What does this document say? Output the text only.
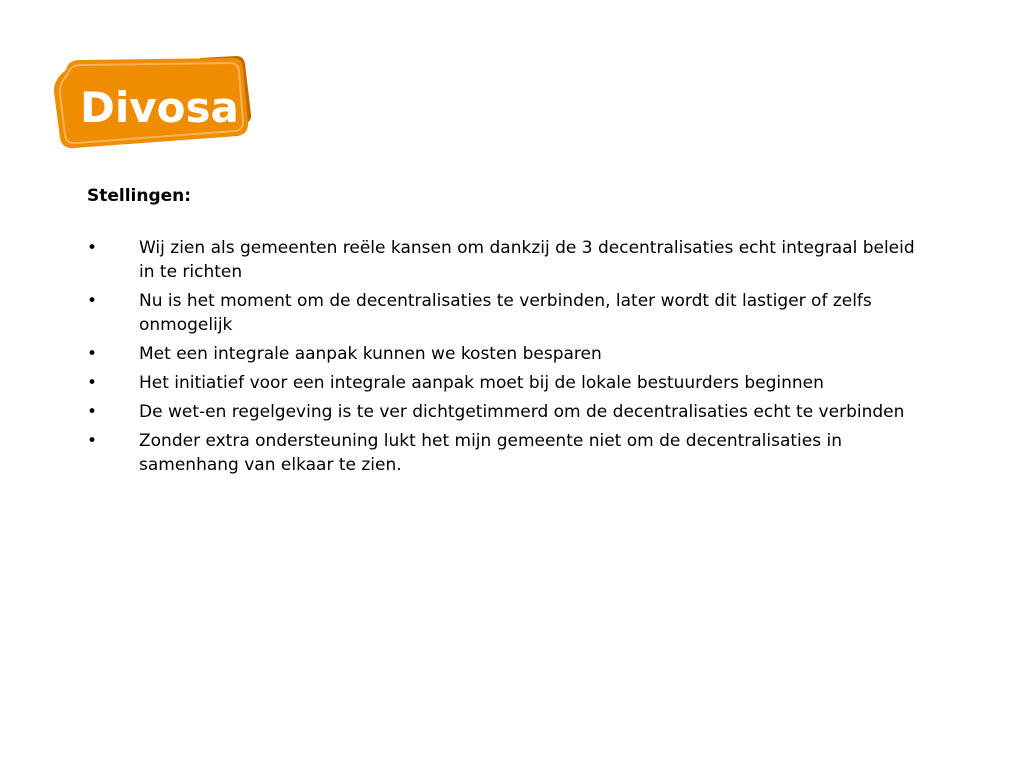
Divosa
Stellingen:
•	Wij zien als gemeenten reële kansen om dankzij de 3 decentralisaties echt integraal beleid in te richten
•	Nu is het moment om de decentralisaties te verbinden, later wordt dit lastiger of zelfs onmogelijk
•	Met een integrale aanpak kunnen we kosten besparen
•	Het initiatief voor een integrale aanpak moet bij de lokale bestuurders beginnen
•	De wet-en regelgeving is te ver dichtgetimmerd om de decentralisaties echt te verbinden
•	Zonder extra ondersteuning lukt het mijn gemeente niet om de decentralisaties in samenhang van elkaar te zien.
